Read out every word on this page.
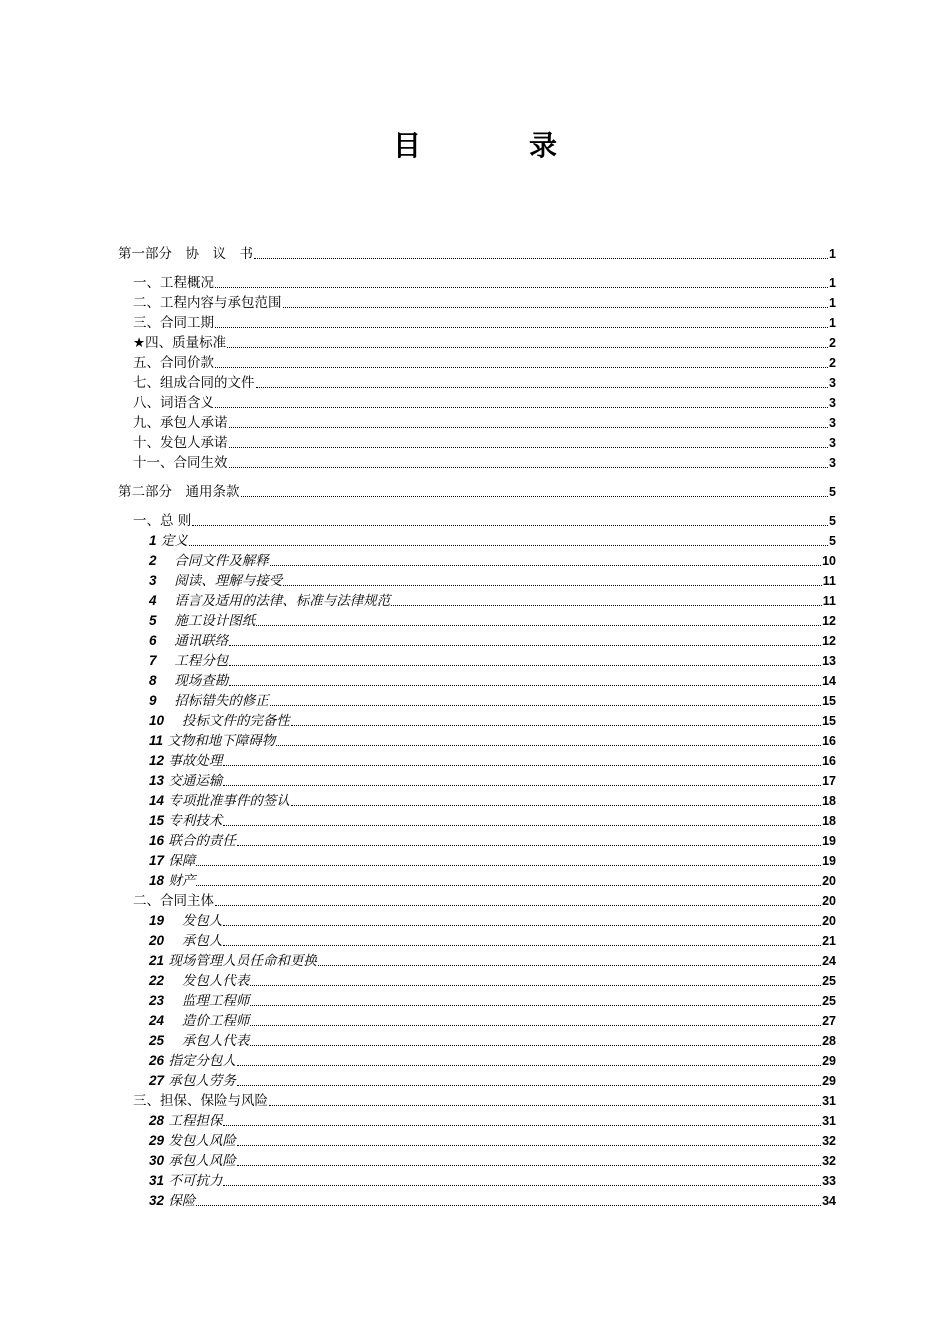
目　录
第一部分　协　议　书	1
一、工程概况	1
二、工程内容与承包范围	1
三、合同工期	1
★四、质量标准	2
五、合同价款	2
七、组成合同的文件	3
八、词语含义	3
九、承包人承诺	3
十、发包人承诺	3
十一、合同生效	3
第二部分　通用条款	5
一、总 则	5
1 定义	5
2 　合同文件及解释	10
3 　阅读、理解与接受	11
4 　语言及适用的法律、标准与法律规范	11
5 　施工设计图纸	12
6 　通讯联络	12
7 　工程分包	13
8 　现场查勘	14
9 　招标错失的修正	15
10 　投标文件的完备性	15
11 文物和地下障碍物	16
12 事故处理	16
13 交通运输	17
14 专项批准事件的签认	18
15 专利技术	18
16 联合的责任	19
17 保障	19
18 财产	20
二、合同主体	20
19 　发包人	20
20 　承包人	21
21 现场管理人员任命和更换	24
22 　发包人代表	25
23 　监理工程师	25
24 　造价工程师	27
25 　承包人代表	28
26 指定分包人	29
27 承包人劳务	29
三、担保、保险与风险	31
28 工程担保	31
29 发包人风险	32
30 承包人风险	32
31 不可抗力	33
32 保险	34
